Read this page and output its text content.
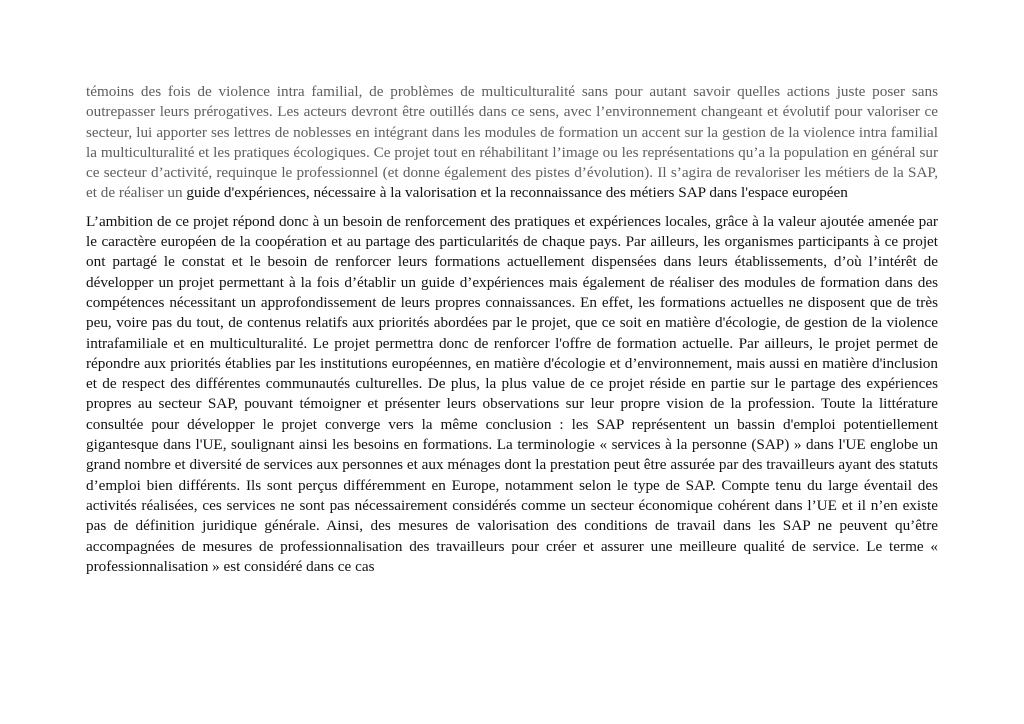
témoins des fois de violence intra familial, de problèmes de multiculturalité sans pour autant savoir quelles actions juste poser sans outrepasser leurs prérogatives. Les acteurs devront être outillés dans ce sens, avec l’environnement changeant et évolutif pour valoriser ce secteur, lui apporter ses lettres de noblesses en intégrant dans les modules de formation un accent sur la gestion de la violence intra familial la multiculturalité et les pratiques écologiques. Ce projet tout en réhabilitant l’image ou les représentations qu’a la population en général sur ce secteur d’activité, requinque le professionnel (et donne également des pistes d’évolution). Il s’agira de revaloriser les métiers de la SAP, et de réaliser un guide d'expériences, nécessaire à la valorisation et la reconnaissance des métiers SAP dans l'espace européen

L’ambition de ce projet répond donc à un besoin de renforcement des pratiques et expériences locales, grâce à la valeur ajoutée amenée par le caractère européen de la coopération et au partage des particularités de chaque pays. Par ailleurs, les organismes participants à ce projet ont partagé le constat et le besoin de renforcer leurs formations actuellement dispensées dans leurs établissements, d’où l’intérêt de développer un projet permettant à la fois d’établir un guide d’expériences mais également de réaliser des modules de formation dans des compétences nécessitant un approfondissement de leurs propres connaissances. En effet, les formations actuelles ne disposent que de très peu, voire pas du tout, de contenus relatifs aux priorités abordées par le projet, que ce soit en matière d'écologie, de gestion de la violence intrafamiliale et en multiculturalité. Le projet permettra donc de renforcer l'offre de formation actuelle. Par ailleurs, le projet permet de répondre aux priorités établies par les institutions européennes, en matière d'écologie et d’environnement, mais aussi en matière d'inclusion et de respect des différentes communautés culturelles. De plus, la plus value de ce projet réside en partie sur le partage des expériences propres au secteur SAP, pouvant témoigner et présenter leurs observations sur leur propre vision de la profession. Toute la littérature consultée pour développer le projet converge vers la même conclusion : les SAP représentent un bassin d'emploi potentiellement gigantesque dans l'UE, soulignant ainsi les besoins en formations. La terminologie « services à la personne (SAP) » dans l'UE englobe un grand nombre et diversité de services aux personnes et aux ménages dont la prestation peut être assurée par des travailleurs ayant des statuts d’emploi bien différents. Ils sont perçus différemment en Europe, notamment selon le type de SAP. Compte tenu du large éventail des activités réalisées, ces services ne sont pas nécessairement considérés comme un secteur économique cohérent dans l’UE et il n’en existe pas de définition juridique générale. Ainsi, des mesures de valorisation des conditions de travail dans les SAP ne peuvent qu’être accompagnées de mesures de professionnalisation des travailleurs pour créer et assurer une meilleure qualité de service. Le terme « professionnalisation » est considéré dans ce cas
